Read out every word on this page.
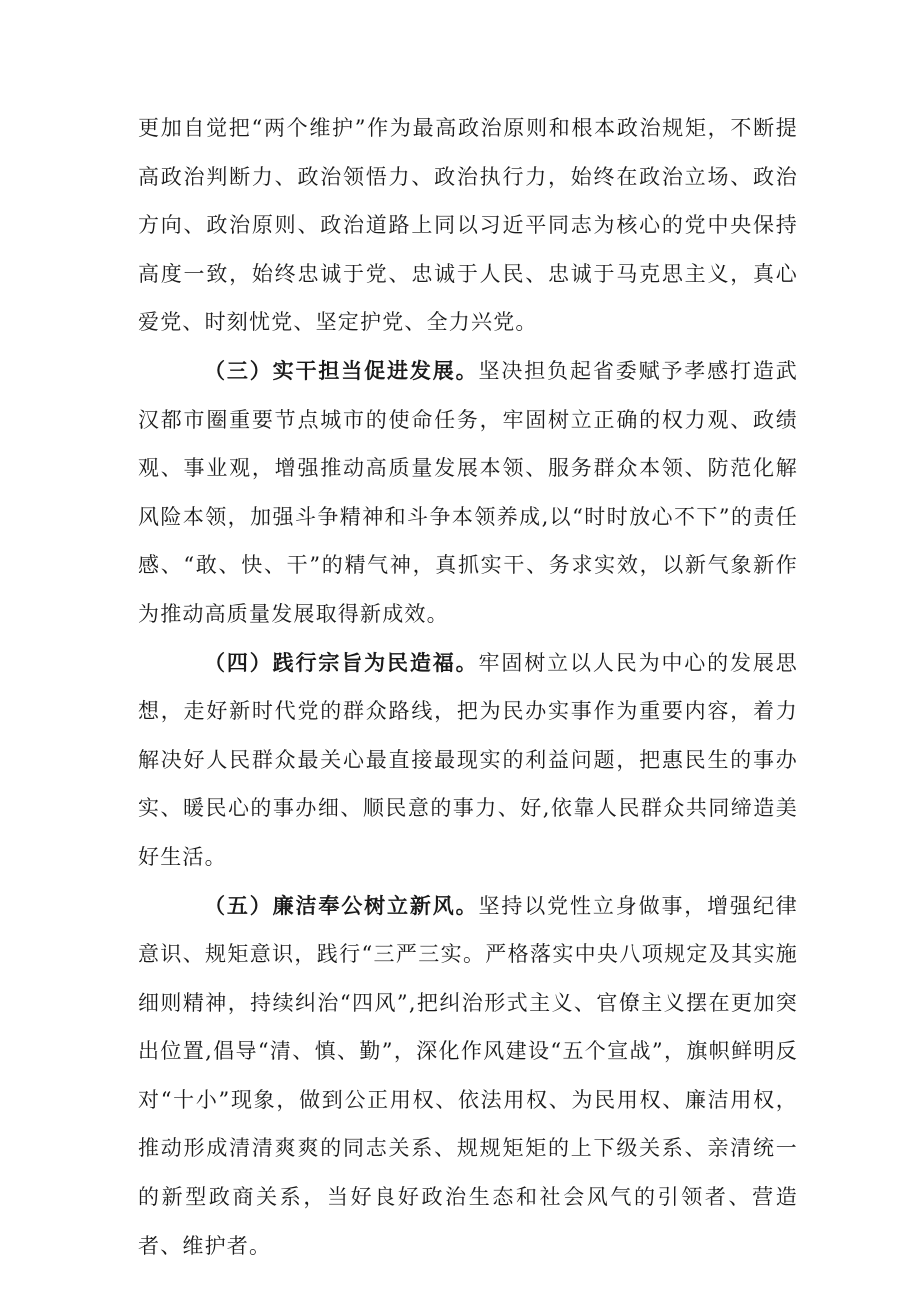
更加自觉把“两个维护”作为最高政治原则和根本政治规矩，不断提高政治判断力、政治领悟力、政治执行力，始终在政治立场、政治方向、政治原则、政治道路上同以习近平同志为核心的党中央保持高度一致，始终忠诚于党、忠诚于人民、忠诚于马克思主义，真心爱党、时刻忧党、坚定护党、全力兴党。

（三）实干担当促进发展。坚决担负起省委赋予孝感打造武汉都市圈重要节点城市的使命任务，牢固树立正确的权力观、政绩观、事业观，增强推动高质量发展本领、服务群众本领、防范化解风险本领，加强斗争精神和斗争本领养成,以“时时放心不下”的责任感、“敢、快、干”的精气神，真抓实干、务求实效，以新气象新作为推动高质量发展取得新成效。

（四）践行宗旨为民造福。牢固树立以人民为中心的发展思想，走好新时代党的群众路线，把为民办实事作为重要内容，着力解决好人民群众最关心最直接最现实的利益问题，把惠民生的事办实、暖民心的事办细、顺民意的事力、好,依靠人民群众共同缔造美好生活。

（五）廉洁奉公树立新风。坚持以党性立身做事，增强纪律意识、规矩意识，践行“三严三实。严格落实中央八项规定及其实施细则精神，持续纠治“四风”,把纠治形式主义、官僚主义摆在更加突出位置,倡导“清、慎、勤”，深化作风建设“五个宣战”，旗帜鲜明反对“十小”现象，做到公正用权、依法用权、为民用权、廉洁用权，推动形成清清爽爽的同志关系、规规矩矩的上下级关系、亲清统一的新型政商关系，当好良好政治生态和社会风气的引领者、营造者、维护者。
